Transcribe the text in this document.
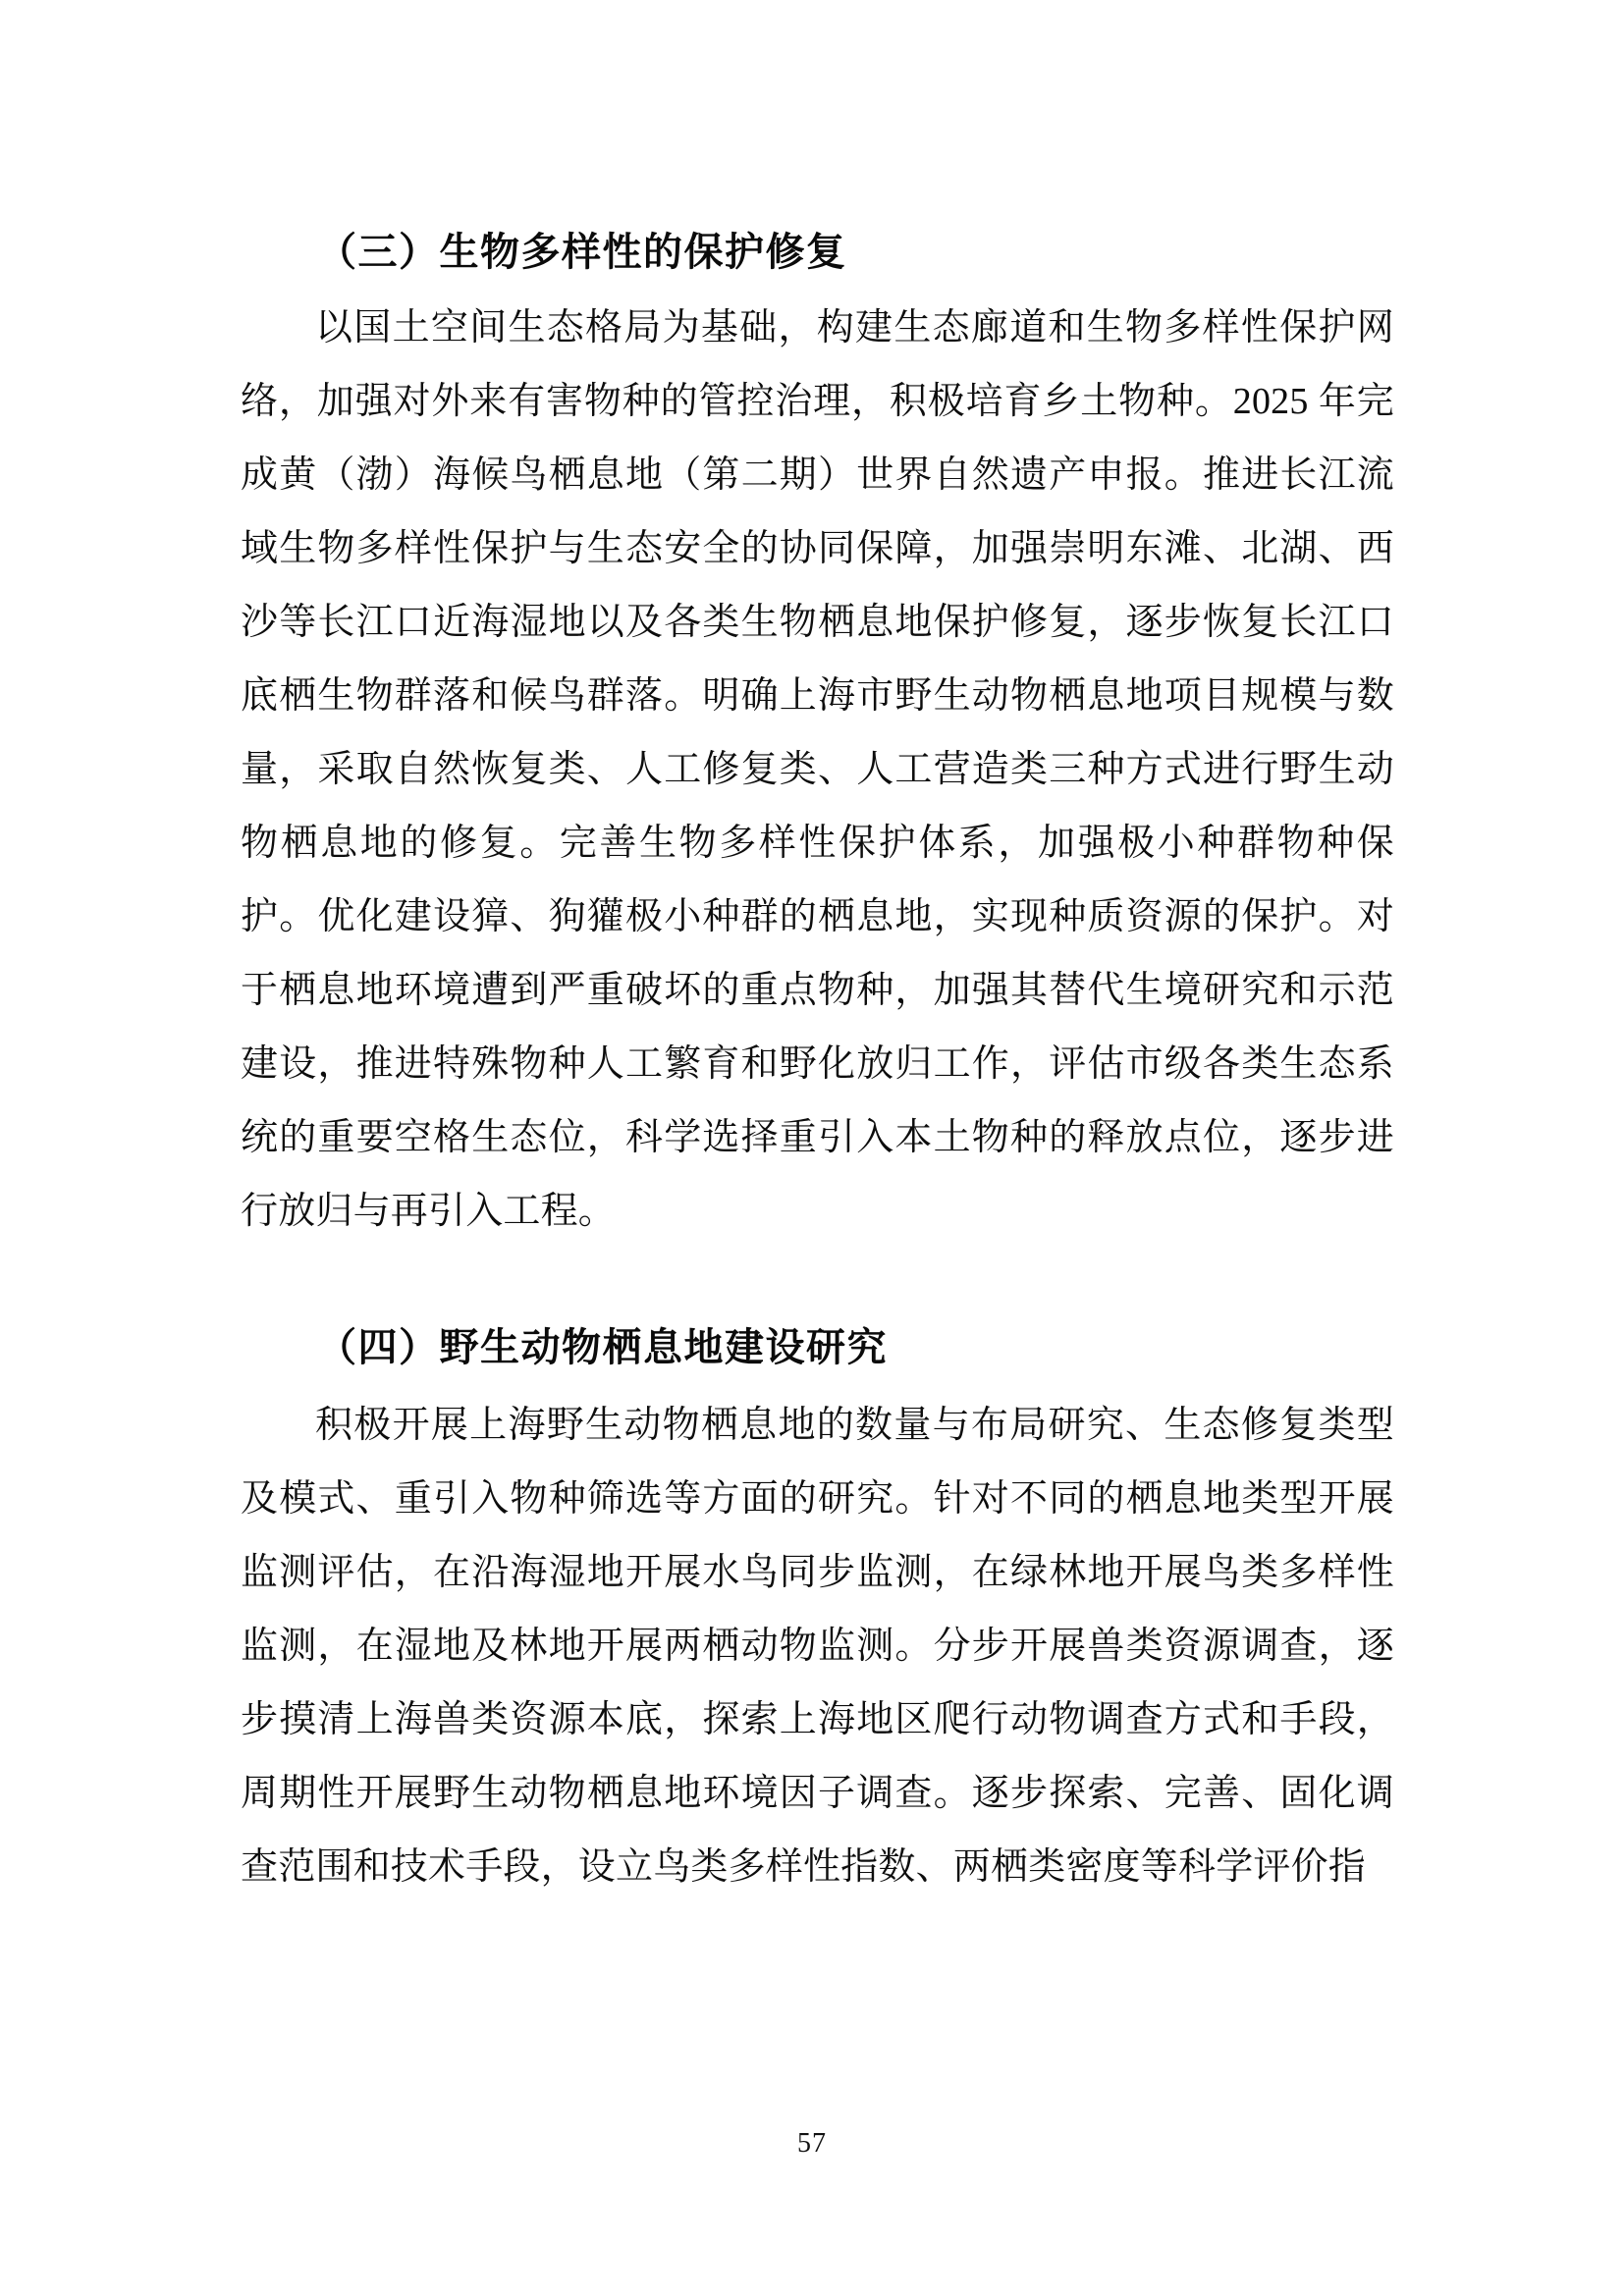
（三）生物多样性的保护修复

以国土空间生态格局为基础，构建生态廊道和生物多样性保护网络，加强对外来有害物种的管控治理，积极培育乡土物种。2025 年完成黄（渤）海候鸟栖息地（第二期）世界自然遗产申报。推进长江流域生物多样性保护与生态安全的协同保障，加强崇明东滩、北湖、西沙等长江口近海湿地以及各类生物栖息地保护修复，逐步恢复长江口底栖生物群落和候鸟群落。明确上海市野生动物栖息地项目规模与数量，采取自然恢复类、人工修复类、人工营造类三种方式进行野生动物栖息地的修复。完善生物多样性保护体系，加强极小种群物种保护。优化建设獐、狗獾极小种群的栖息地，实现种质资源的保护。对于栖息地环境遭到严重破坏的重点物种，加强其替代生境研究和示范建设，推进特殊物种人工繁育和野化放归工作，评估市级各类生态系统的重要空格生态位，科学选择重引入本土物种的释放点位，逐步进行放归与再引入工程。

（四）野生动物栖息地建设研究

积极开展上海野生动物栖息地的数量与布局研究、生态修复类型及模式、重引入物种筛选等方面的研究。针对不同的栖息地类型开展监测评估，在沿海湿地开展水鸟同步监测，在绿林地开展鸟类多样性监测，在湿地及林地开展两栖动物监测。分步开展兽类资源调查，逐步摸清上海兽类资源本底，探索上海地区爬行动物调查方式和手段，周期性开展野生动物栖息地环境因子调查。逐步探索、完善、固化调查范围和技术手段，设立鸟类多样性指数、两栖类密度等科学评价指

57
